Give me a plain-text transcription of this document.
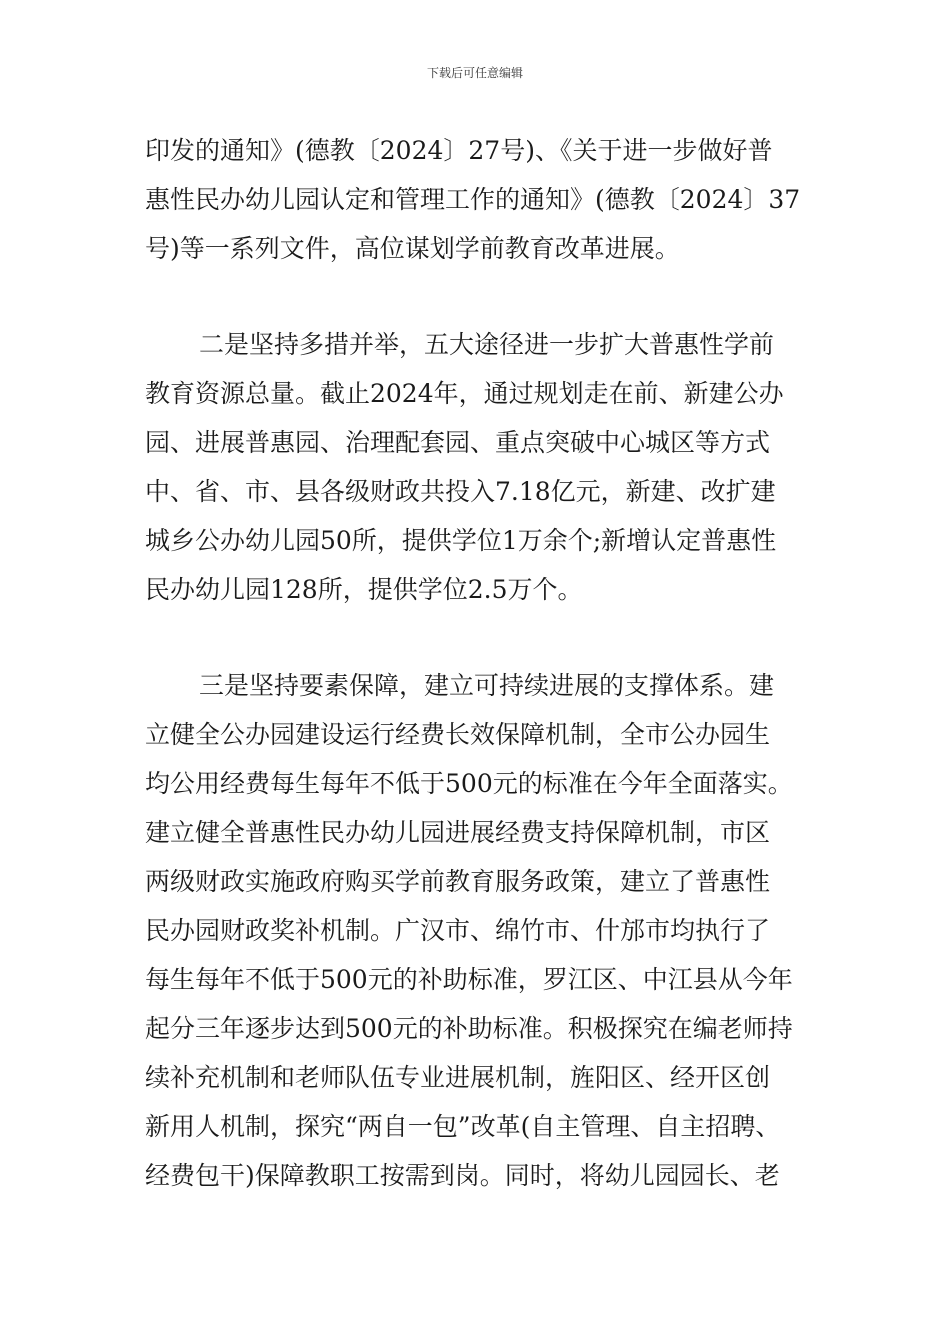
下载后可任意编辑
印发的通知》(德教〔2024〕27号)、《关于进一步做好普
惠性民办幼儿园认定和管理工作的通知》(德教〔2024〕37
号)等一系列文件，高位谋划学前教育改革进展。
二是坚持多措并举，五大途径进一步扩大普惠性学前
教育资源总量。截止2024年，通过规划走在前、新建公办
园、进展普惠园、治理配套园、重点突破中心城区等方式
中、省、市、县各级财政共投入7.18亿元，新建、改扩建
城乡公办幼儿园50所，提供学位1万余个;新增认定普惠性
民办幼儿园128所，提供学位2.5万个。
三是坚持要素保障，建立可持续进展的支撑体系。建
立健全公办园建设运行经费长效保障机制，全市公办园生
均公用经费每生每年不低于500元的标准在今年全面落实。
建立健全普惠性民办幼儿园进展经费支持保障机制，市区
两级财政实施政府购买学前教育服务政策，建立了普惠性
民办园财政奖补机制。广汉市、绵竹市、什邡市均执行了
每生每年不低于500元的补助标准，罗江区、中江县从今年
起分三年逐步达到500元的补助标准。积极探究在编老师持
续补充机制和老师队伍专业进展机制，旌阳区、经开区创
新用人机制，探究“两自一包”改革(自主管理、自主招聘、
经费包干)保障教职工按需到岗。同时，将幼儿园园长、老
